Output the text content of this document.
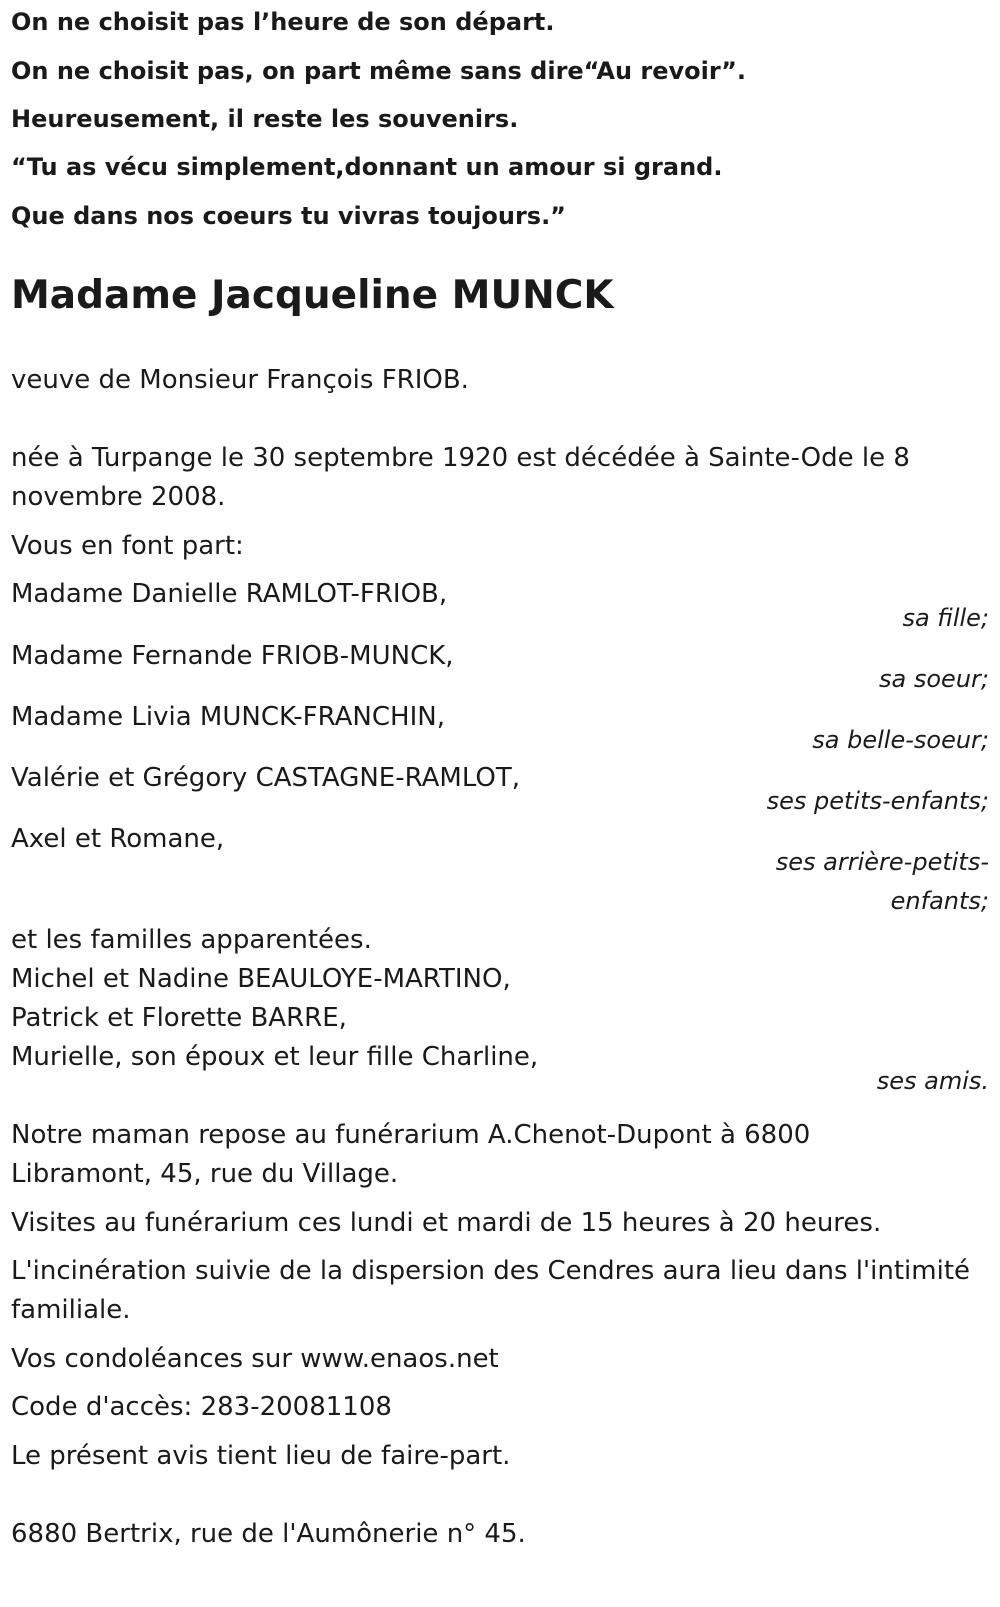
On ne choisit pas l’heure de son départ.
On ne choisit pas, on part même sans dire“Au revoir”.
Heureusement, il reste les souvenirs.
“Tu as vécu simplement,donnant un amour si grand.
Que dans nos coeurs tu vivras toujours.”
Madame Jacqueline MUNCK
veuve de Monsieur François FRIOB.
née à Turpange le 30 septembre 1920 est décédée à Sainte-Ode le 8
novembre 2008.
Vous en font part:
Madame Danielle RAMLOT-FRIOB,
sa fille;
Madame Fernande FRIOB-MUNCK,
sa soeur;
Madame Livia MUNCK-FRANCHIN,
sa belle-soeur;
Valérie et Grégory CASTAGNE-RAMLOT,
ses petits-enfants;
Axel et Romane,
ses arrière-petits-
enfants;
et les familles apparentées.
Michel et Nadine BEAULOYE-MARTINO,
Patrick et Florette BARRE,
Murielle, son époux et leur fille Charline,
ses amis.
Notre maman repose au funérarium A.Chenot-Dupont à 6800
Libramont, 45, rue du Village.
Visites au funérarium ces lundi et mardi de 15 heures à 20 heures.
L'incinération suivie de la dispersion des Cendres aura lieu dans l'intimité
familiale.
Vos condoléances sur www.enaos.net
Code d'accès: 283-20081108
Le présent avis tient lieu de faire-part.
6880 Bertrix, rue de l'Aumônerie n° 45.
